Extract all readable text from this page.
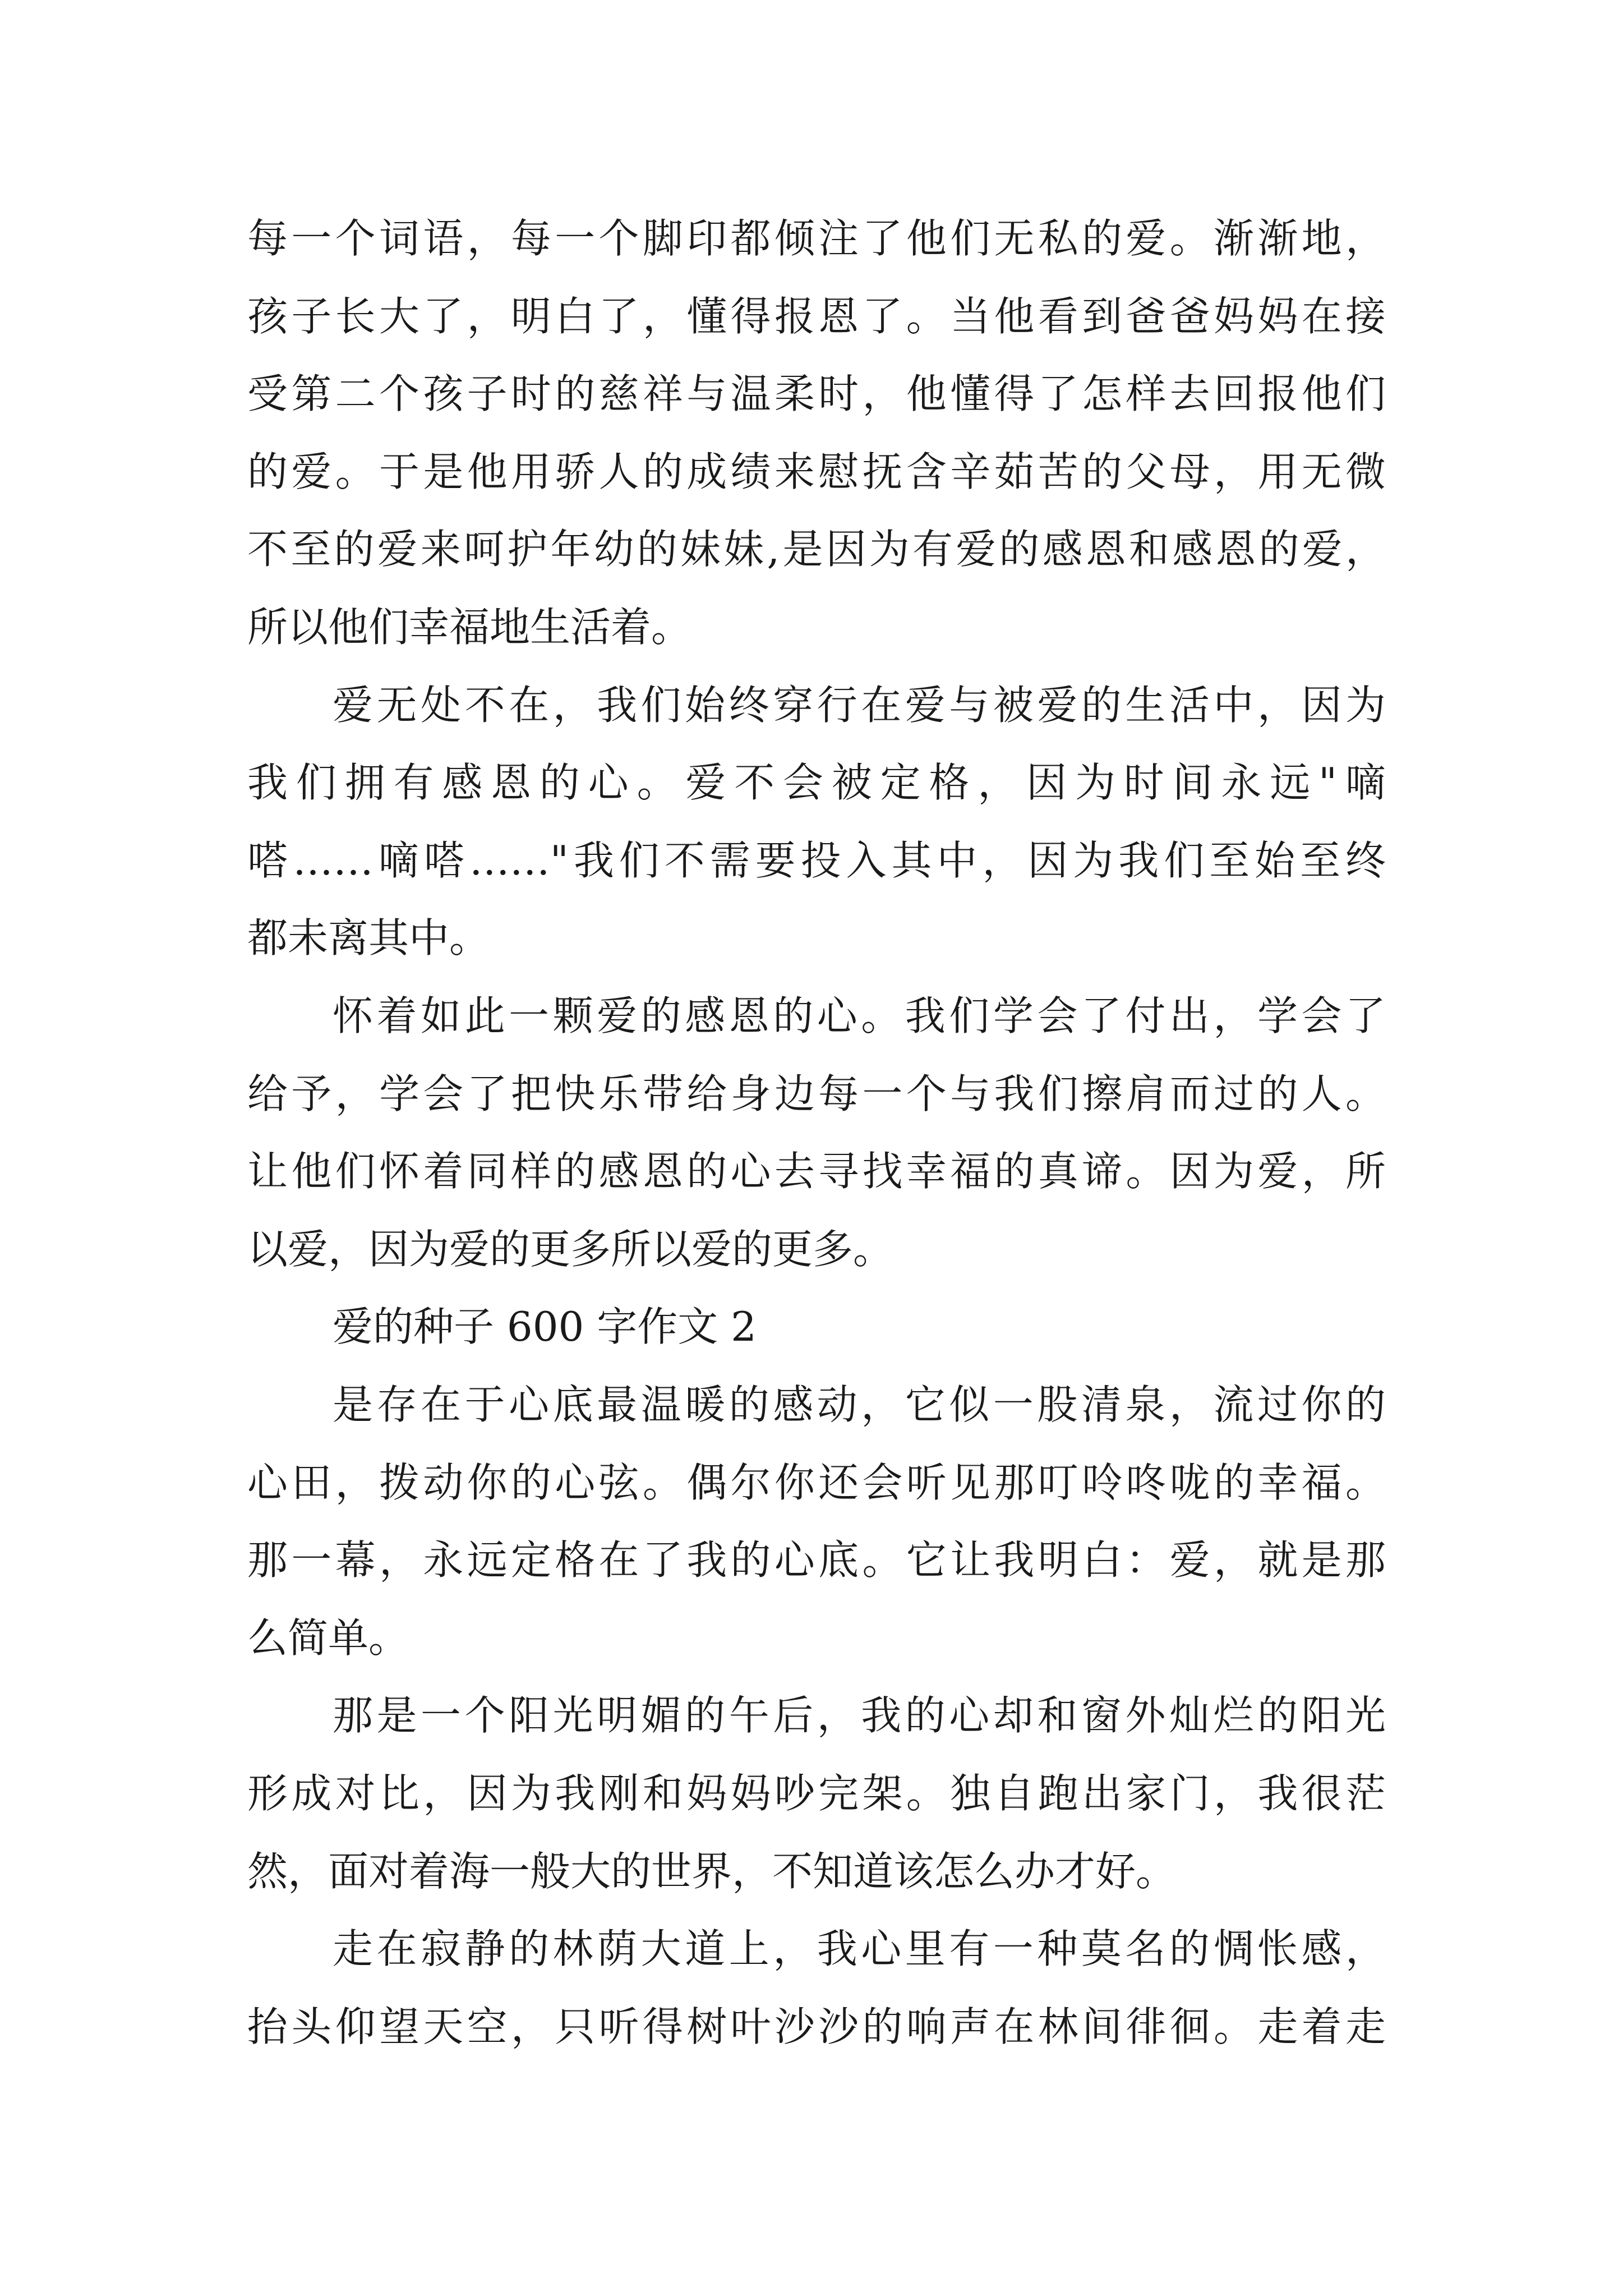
每一个词语，每一个脚印都倾注了他们无私的爱。渐渐地，
孩子长大了，明白了，懂得报恩了。当他看到爸爸妈妈在接
受第二个孩子时的慈祥与温柔时，他懂得了怎样去回报他们
的爱。于是他用骄人的成绩来慰抚含辛茹苦的父母，用无微
不至的爱来呵护年幼的妹妹,是因为有爱的感恩和感恩的爱，
所以他们幸福地生活着。
爱无处不在，我们始终穿行在爱与被爱的生活中，因为
我们拥有感恩的心。爱不会被定格，因为时间永远"嘀
嗒……嘀嗒……"我们不需要投入其中，因为我们至始至终
都未离其中。
怀着如此一颗爱的感恩的心。我们学会了付出，学会了
给予，学会了把快乐带给身边每一个与我们擦肩而过的人。
让他们怀着同样的感恩的心去寻找幸福的真谛。因为爱，所
以爱，因为爱的更多所以爱的更多。
爱的种子 600 字作文 2
是存在于心底最温暖的感动，它似一股清泉，流过你的
心田，拨动你的心弦。偶尔你还会听见那叮呤咚咙的幸福。
那一幕，永远定格在了我的心底。它让我明白：爱，就是那
么简单。
那是一个阳光明媚的午后，我的心却和窗外灿烂的阳光
形成对比，因为我刚和妈妈吵完架。独自跑出家门，我很茫
然，面对着海一般大的世界，不知道该怎么办才好。
走在寂静的林荫大道上，我心里有一种莫名的惆怅感，
抬头仰望天空，只听得树叶沙沙的响声在林间徘徊。走着走
